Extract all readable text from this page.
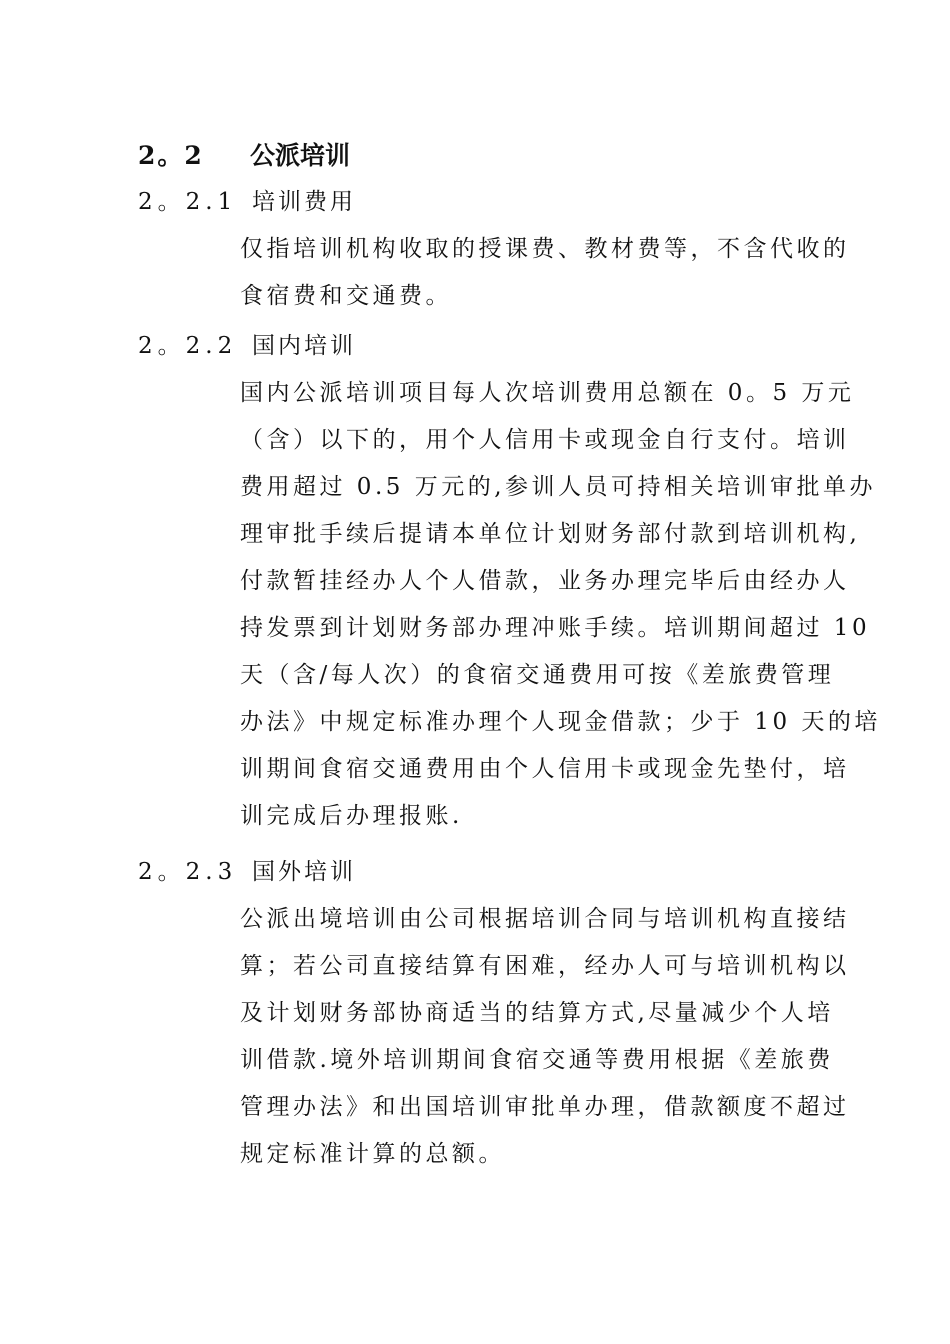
2。2 公派培训
2。2.1 培训费用
仅指培训机构收取的授课费、教材费等，不含代收的
食宿费和交通费。
2。2.2 国内培训
国内公派培训项目每人次培训费用总额在 0。5 万元
（含）以下的，用个人信用卡或现金自行支付。培训
费用超过 0.5 万元的,参训人员可持相关培训审批单办
理审批手续后提请本单位计划财务部付款到培训机构,
付款暂挂经办人个人借款，业务办理完毕后由经办人
持发票到计划财务部办理冲账手续。培训期间超过 10
天（含/每人次）的食宿交通费用可按《差旅费管理
办法》中规定标准办理个人现金借款；少于 10 天的培
训期间食宿交通费用由个人信用卡或现金先垫付，培
训完成后办理报账.
2。2.3 国外培训
公派出境培训由公司根据培训合同与培训机构直接结
算；若公司直接结算有困难，经办人可与培训机构以
及计划财务部协商适当的结算方式,尽量减少个人培
训借款.境外培训期间食宿交通等费用根据《差旅费
管理办法》和出国培训审批单办理，借款额度不超过
规定标准计算的总额。
